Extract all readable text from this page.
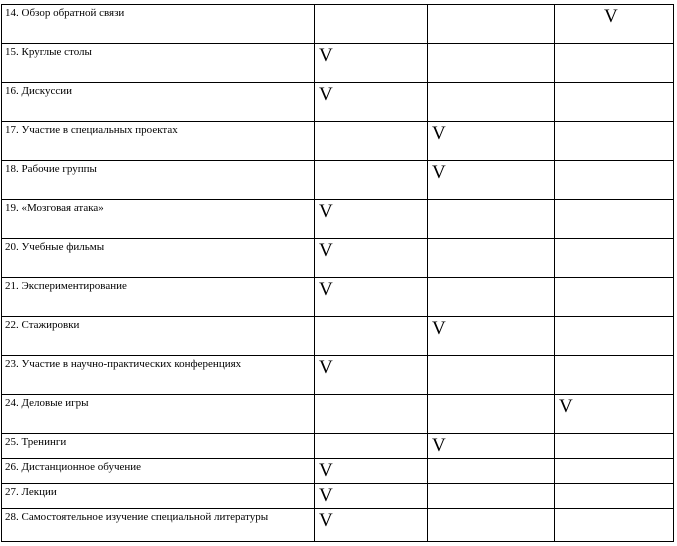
14. Обзор обратной связи			V
15. Круглые столы	V		
16. Дискуссии	V		
17. Участие в специальных проектах		V	
18. Рабочие группы		V	
19. «Мозговая атака»	V		
20. Учебные фильмы	V		
21. Экспериментирование	V		
22. Стажировки		V	
23. Участие в научно-практических конференциях	V		
24. Деловые игры			V
25. Тренинги		V	
26. Дистанционное обучение	V		
27. Лекции	V		
28. Самостоятельное изучение специальной литературы	V		
